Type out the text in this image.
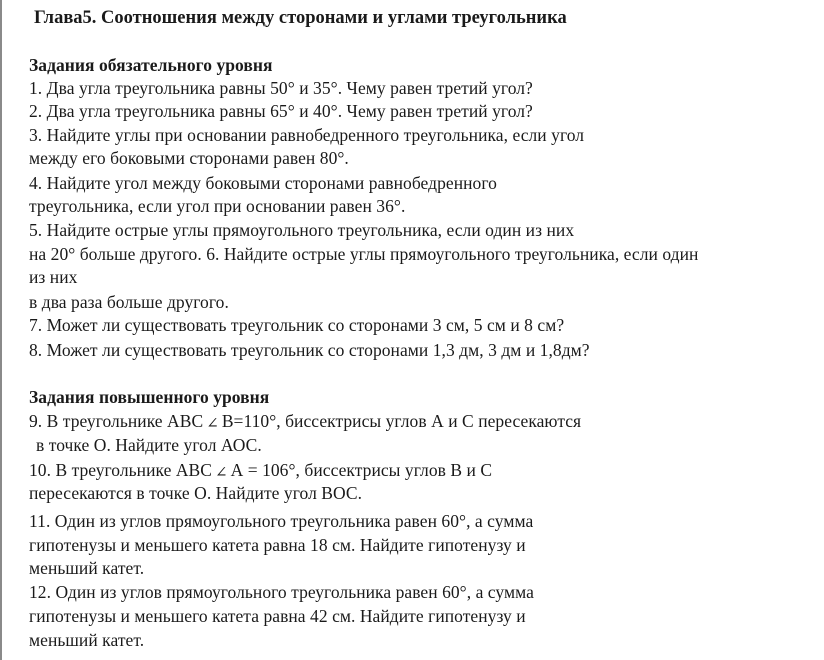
Глава5. Соотношения между сторонами и углами треугольника
Задания обязательного уровня
1. Два угла треугольника равны 50° и 35°. Чему равен третий угол?
2. Два угла треугольника равны 65° и 40°. Чему равен третий угол?
3. Найдите углы при основании равнобедренного треугольника, если угол
между его боковыми сторонами равен 80°.
4. Найдите угол между боковыми сторонами равнобедренного
треугольника, если угол при основании равен 36°.
5. Найдите острые углы прямоугольного треугольника, если один из них
на 20° больше другого. 6. Найдите острые углы прямоугольного треугольника, если один
из них
в два раза больше другого.
7. Может ли существовать треугольник со сторонами 3 см, 5 см и 8 см?
8. Может ли существовать треугольник со сторонами 1,3 дм, 3 дм и 1,8дм?
Задания повышенного уровня
9. В треугольнике АВС ∠ В=110°, биссектрисы углов А и С пересекаются
в точке О. Найдите угол АОС.
10. В треугольнике АВС ∠ А = 106°, биссектрисы углов В и С
пересекаются в точке О. Найдите угол ВОС.
11. Один из углов прямоугольного треугольника равен 60°, а сумма
гипотенузы и меньшего катета равна 18 см. Найдите гипотенузу и
меньший катет.
12. Один из углов прямоугольного треугольника равен 60°, а сумма
гипотенузы и меньшего катета равна 42 см. Найдите гипотенузу и
меньший катет.
